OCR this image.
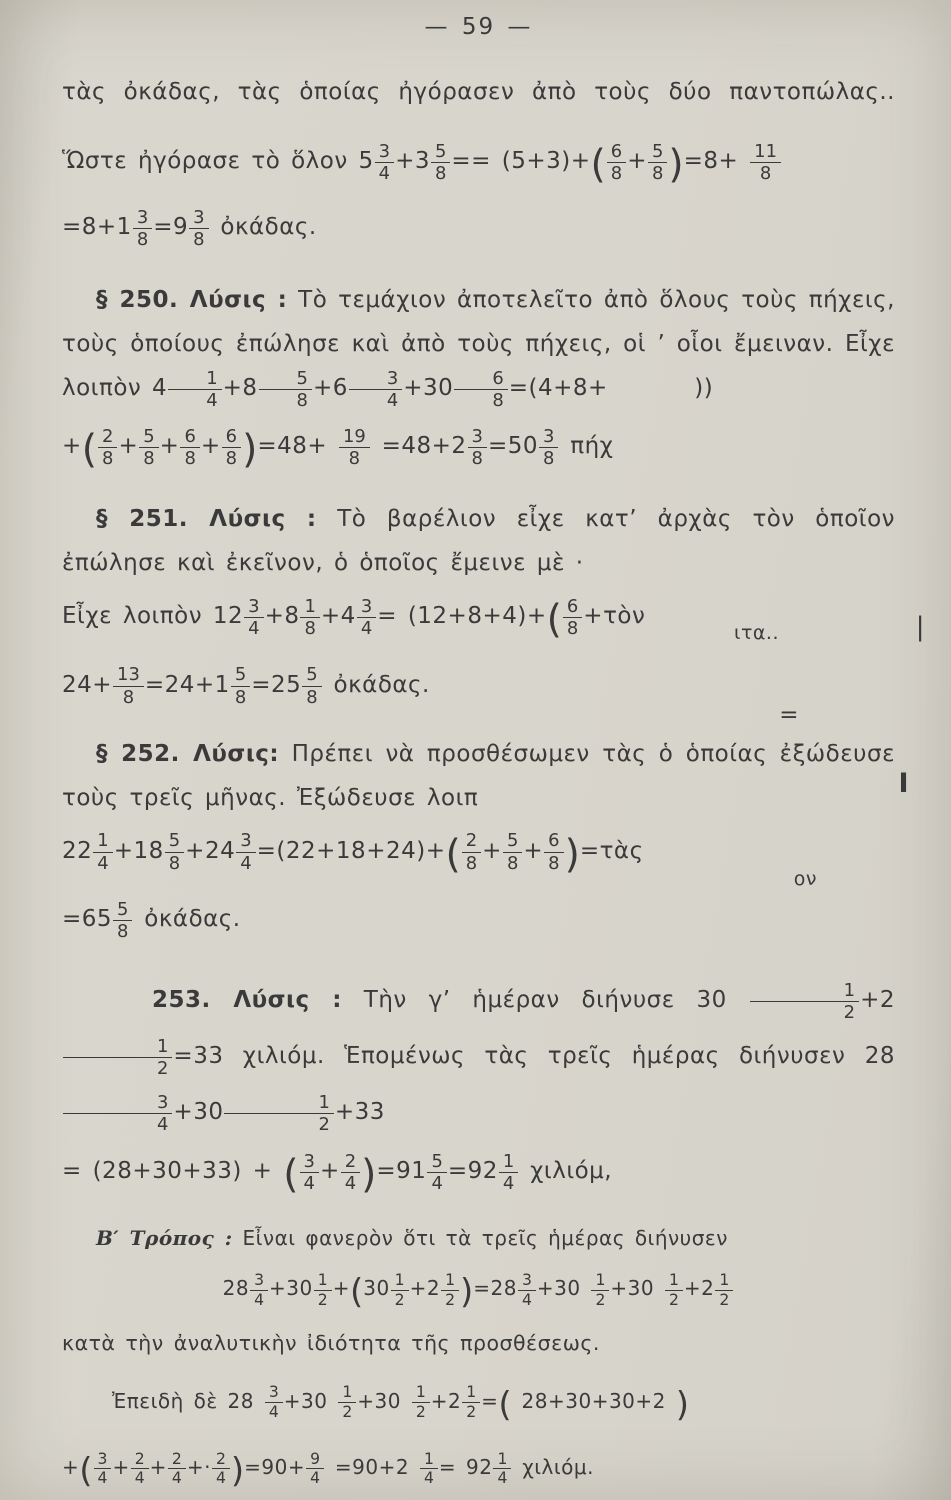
— 59 —

τὰς ὀκάδας, τὰς ὁποίας ἠγόρασεν ἀπὸ τοὺς δύο παντοπώλας..

Ὥστε ἠγόρασε τὸ ὅλον $5 \frac{3}{4} +3 \frac{5}{8} == (5+3)+( \frac{6}{8} + \frac{5}{8} )=8+ \frac{11}{8}$

$=8+1 \frac{3}{8} =9 \frac{3}{8}$ ὀκάδας.

§ 250. Λύσις : Τὸ τεμάχιον ἀποτελεῖτο ἀπὸ ὅλους τοὺς πήχεις, τοὺς ὁποίους ἐπώλησε καὶ ἀπὸ τοὺς πήχεις, οἱ ’ οἷοι ἔμειναν. Εἶχε λοιπὸν $4 \frac{1}{4} +8 \frac{5}{8} +6 \frac{3}{4} +30 \frac{6}{8} =(4+8+$        ))

+( $\frac{2}{8} + \frac{5}{8} + \frac{6}{8} + \frac{6}{8} )=48+ \frac{19}{8} =48+2 \frac{3}{8} =50 \frac{3}{8}$ πήχ

§ 251. Λύσις : Τὸ βαρέλιον εἶχε κατ’ ἀρχὰς τὸν ὁποῖον ἐπώλησε καὶ ἐκεῖνον, ὁ ὁποῖος ἔμεινε μὲ ·

Εἶχε λοιπὸν $12 \frac{3}{4} +8 \frac{1}{8} +4 \frac{3}{4} = (12+8+4)+( \frac{6}{8}$ +τὸν
ιτα..	|

$24+ \frac{13}{8} =24+1 \frac{5}{8} =25 \frac{5}{8}$ ὀκάδας.
=

§ 252. Λύσις: Πρέπει νὰ προσθέσωμεν τὰς ὁ ὁποίας ἐξώδευσε τοὺς τρεῖς μῆνας. Ἐξώδευσε λοιπ	Ι

$22 \frac{1}{4} +18 \frac{5}{8} +24 \frac{3}{4} =(22+18+24)+( \frac{2}{8} + \frac{5}{8} + \frac{6}{8}$ )=τὰς
ον

$=65 \frac{5}{8}$ ὀκάδας.

253. Λύσις : Τὴν γ’ ἡμέραν διήνυσε $30 \frac{1}{2} +2$
$\frac{1}{2} =33$ χιλιόμ. Ἑπομένως τὰς τρεῖς ἡμέρας διήνυσεν 28
$\frac{3}{4} +30 \frac{1}{2} +33$

= (28+30+33) + ( $\frac{3}{4} + \frac{2}{4} )=91 \frac{5}{4} =92 \frac{1}{4} \chi\iota\lambda\iota ό\mu$,

Β′ Τρόπος : Εἶναι φανερὸν ὅτι τὰ τρεῖς ἡμέρας διήνυσεν

$28 \frac{3}{4} +30 \frac{1}{2} +(30 \frac{1}{2} +2 \frac{1}{2} )=28 \frac{3}{4} +30 \frac{1}{2} +30 \frac{1}{2} +2 \frac{1}{2}$

κατὰ τὴν ἀναλυτικὴν ἰδιότητα τῆς προσθέσεως.

Ἐπειδὴ δὲ $28 \frac{3}{4} +30 \frac{1}{2} +30 \frac{1}{2} +2 \frac{1}{2}$ =( 28+30+30+2 )

+( $\frac{3}{4} + \frac{2}{4} + \frac{2}{4} +\cdot \frac{2}{4} )=90+ \frac{9}{4} =90+2 \frac{1}{4} = 92 \frac{1}{4} \chi\iota\lambda\iota ό\mu$.
